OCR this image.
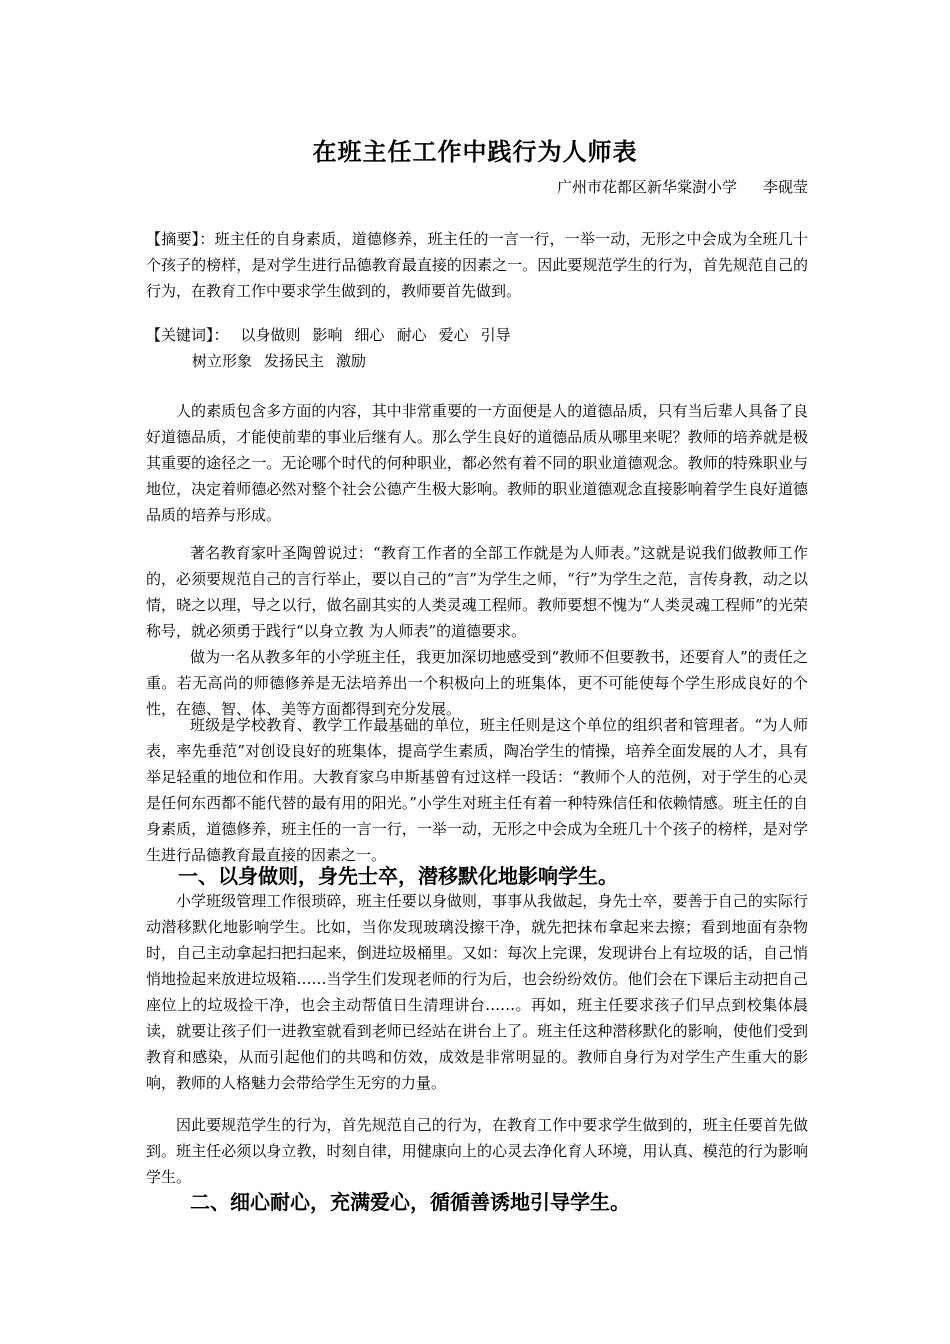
在班主任工作中践行为人师表
广州市花都区新华棠澍小学 李砚莹

【摘要】：班主任的自身素质，道德修养，班主任的一言一行，一举一动，无形之中会成为全班几十个孩子的榜样，是对学生进行品德教育最直接的因素之一。因此要规范学生的行为，首先规范自己的行为，在教育工作中要求学生做到的，教师要首先做到。

【关键词】： 以身做则 影响 细心 耐心 爱心 引导
树立形象 发扬民主 激励

人的素质包含多方面的内容，其中非常重要的一方面便是人的道德品质，只有当后辈人具备了良好道德品质，才能使前辈的事业后继有人。那么学生良好的道德品质从哪里来呢？教师的培养就是极其重要的途径之一。无论哪个时代的何种职业，都必然有着不同的职业道德观念。教师的特殊职业与地位，决定着师德必然对整个社会公德产生极大影响。教师的职业道德观念直接影响着学生良好道德品质的培养与形成。

著名教育家叶圣陶曾说过：“教育工作者的全部工作就是为人师表。”这就是说我们做教师工作的，必须要规范自己的言行举止，要以自己的“言”为学生之师，“行”为学生之范，言传身教，动之以情，晓之以理，导之以行，做名副其实的人类灵魂工程师。教师要想不愧为“人类灵魂工程师”的光荣称号，就必须勇于践行“以身立教 为人师表”的道德要求。

做为一名从教多年的小学班主任，我更加深切地感受到“教师不但要教书，还要育人”的责任之重。若无高尚的师德修养是无法培养出一个积极向上的班集体，更不可能使每个学生形成良好的个性，在德、智、体、美等方面都得到充分发展。

班级是学校教育、教学工作最基础的单位，班主任则是这个单位的组织者和管理者。“为人师表，率先垂范”对创设良好的班集体，提高学生素质，陶冶学生的情操，培养全面发展的人才，具有举足轻重的地位和作用。大教育家乌申斯基曾有过这样一段话：“教师个人的范例，对于学生的心灵是任何东西都不能代替的最有用的阳光。”小学生对班主任有着一种特殊信任和依赖情感。班主任的自身素质，道德修养，班主任的一言一行，一举一动，无形之中会成为全班几十个孩子的榜样，是对学生进行品德教育最直接的因素之一。

一、以身做则，身先士卒，潜移默化地影响学生。

小学班级管理工作很琐碎，班主任要以身做则，事事从我做起，身先士卒，要善于自己的实际行动潜移默化地影响学生。比如，当你发现玻璃没擦干净，就先把抹布拿起来去擦；看到地面有杂物时，自己主动拿起扫把扫起来，倒进垃圾桶里。又如：每次上完课，发现讲台上有垃圾的话，自己悄悄地捡起来放进垃圾箱……当学生们发现老师的行为后，也会纷纷效仿。他们会在下课后主动把自己座位上的垃圾捡干净，也会主动帮值日生清理讲台……。再如，班主任要求孩子们早点到校集体晨读，就要让孩子们一进教室就看到老师已经站在讲台上了。班主任这种潜移默化的影响，使他们受到教育和感染，从而引起他们的共鸣和仿效，成效是非常明显的。教师自身行为对学生产生重大的影响，教师的人格魅力会带给学生无穷的力量。

因此要规范学生的行为，首先规范自己的行为，在教育工作中要求学生做到的，班主任要首先做到。班主任必须以身立教，时刻自律，用健康向上的心灵去净化育人环境，用认真、模范的行为影响学生。

二、细心耐心，充满爱心，循循善诱地引导学生。
